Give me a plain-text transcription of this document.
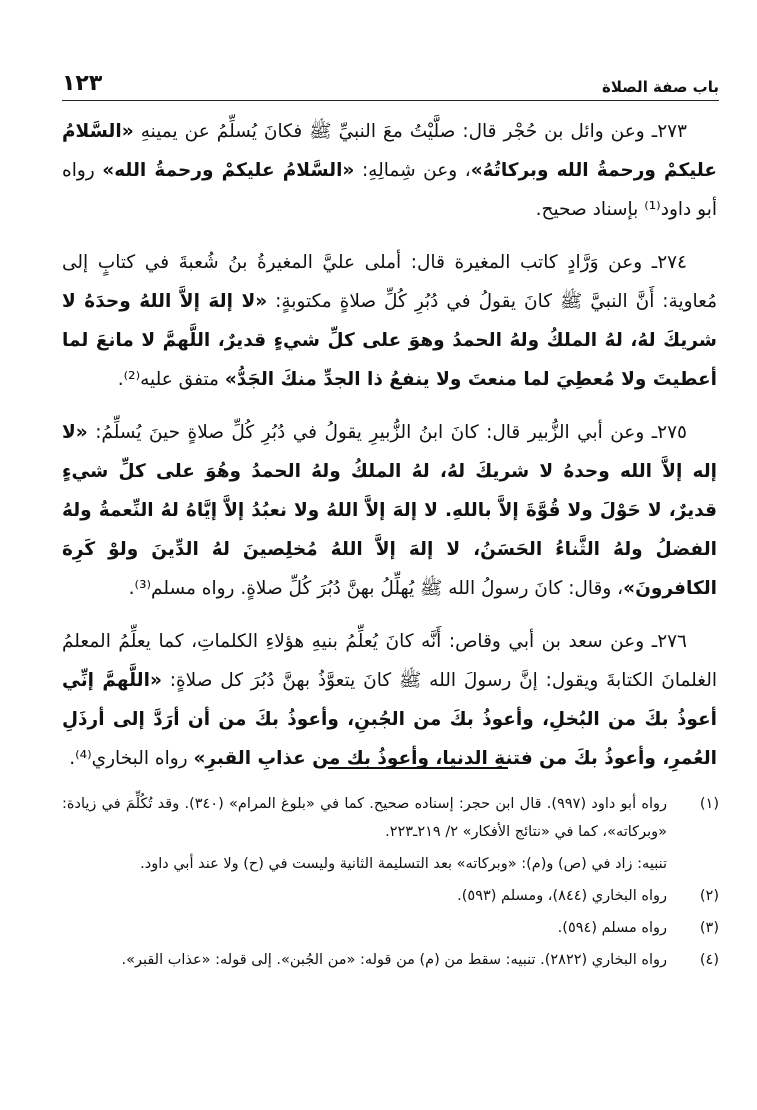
١٢٣	باب صفة الصلاة

٢٧٣ـ وعن وائل بن حُجْر قال: صلَّيْتُ معَ النبيِّ ﷺ فكانَ يُسلِّمُ عن يمينهِ «السَّلامُ عليكمْ ورحمةُ الله وبركاتُهُ»، وعن شِمالِهِ: «السَّلامُ عليكمْ ورحمةُ الله» رواه أبو داود⁽¹⁾ بإسناد صحيح.

٢٧٤ـ وعن وَرَّادٍ كاتب المغيرة قال: أملى عليَّ المغيرةُ بنُ شُعبةَ في كتابٍ إلى مُعاوية: أَنَّ النبيَّ ﷺ كانَ يقولُ في دُبُرِ كُلِّ صلاةٍ مكتوبةٍ: «لا إلهَ إلاَّ اللهُ وحدَهُ لا شريكَ لهُ، لهُ الملكُ ولهُ الحمدُ وهوَ على كلِّ شيءٍ قديرٌ، اللَّهمَّ لا مانعَ لما أعطيتَ ولا مُعطِيَ لما منعتَ ولا ينفعُ ذا الجدِّ منكَ الجَدُّ» متفق عليه⁽²⁾.

٢٧٥ـ وعن أبي الزُّبير قال: كانَ ابنُ الزُّبيرِ يقولُ في دُبُرِ كُلِّ صلاةٍ حينَ يُسلِّمُ: «لا إله إلاَّ الله وحدهُ لا شريكَ لهُ، لهُ الملكُ ولهُ الحمدُ وهُوَ على كلِّ شيءٍ قديرٌ، لا حَوْلَ ولا قُوَّةَ إلاَّ باللهِ. لا إلهَ إلاَّ اللهُ ولا نعبُدُ إلاَّ إيَّاهُ لهُ النِّعمةُ ولهُ الفضلُ ولهُ الثَّناءُ الحَسَنُ، لا إلهَ إلاَّ اللهُ مُخلِصينَ لهُ الدِّينَ ولوْ كَرِهَ الكافرونَ»، وقال: كانَ رسولُ الله ﷺ يُهلِّلُ بهنَّ دُبُرَ كُلِّ صلاةٍ. رواه مسلم⁽³⁾.

٢٧٦ـ وعن سعد بن أبي وقاص: أَنَّه كانَ يُعلِّمُ بنيهِ هؤلاءِ الكلماتِ، كما يعلِّمُ المعلمُ الغلمانَ الكتابةَ ويقول: إنَّ رسولَ الله ﷺ كانَ يتعوَّذُ بهنَّ دُبُرَ كل صلاةٍ: «اللَّهمَّ إنِّي أعوذُ بكَ من البُخلِ، وأعوذُ بكَ من الجُبنِ، وأعوذُ بكَ من أن أرَدَّ إلى أرذَلِ العُمرِ، وأعوذُ بكَ من فتنةِ الدنيا، وأعوذُ بك من عذابِ القبرِ» رواه البخاري⁽⁴⁾.

(١)
رواه أبو داود (٩٩٧). قال ابن حجر: إسناده صحيح. كما في «بلوغ المرام» (٣٤٠). وقد تُكُلِّمَ في زيادة: «وبركاته»، كما في «نتائج الأفكار» ٢/ ٢١٩ـ٢٢٣.
تنبيه: زاد في (ص) و(م): «وبركاته» بعد التسليمة الثانية وليست في (ح) ولا عند أبي داود.
(٢)
رواه البخاري (٨٤٤)، ومسلم (٥٩٣).
(٣)
رواه مسلم (٥٩٤).
(٤)
رواه البخاري (٢٨٢٢). تنبيه: سقط من (م) من قوله: «من الجُبن». إلى قوله: «عذاب القبر».
